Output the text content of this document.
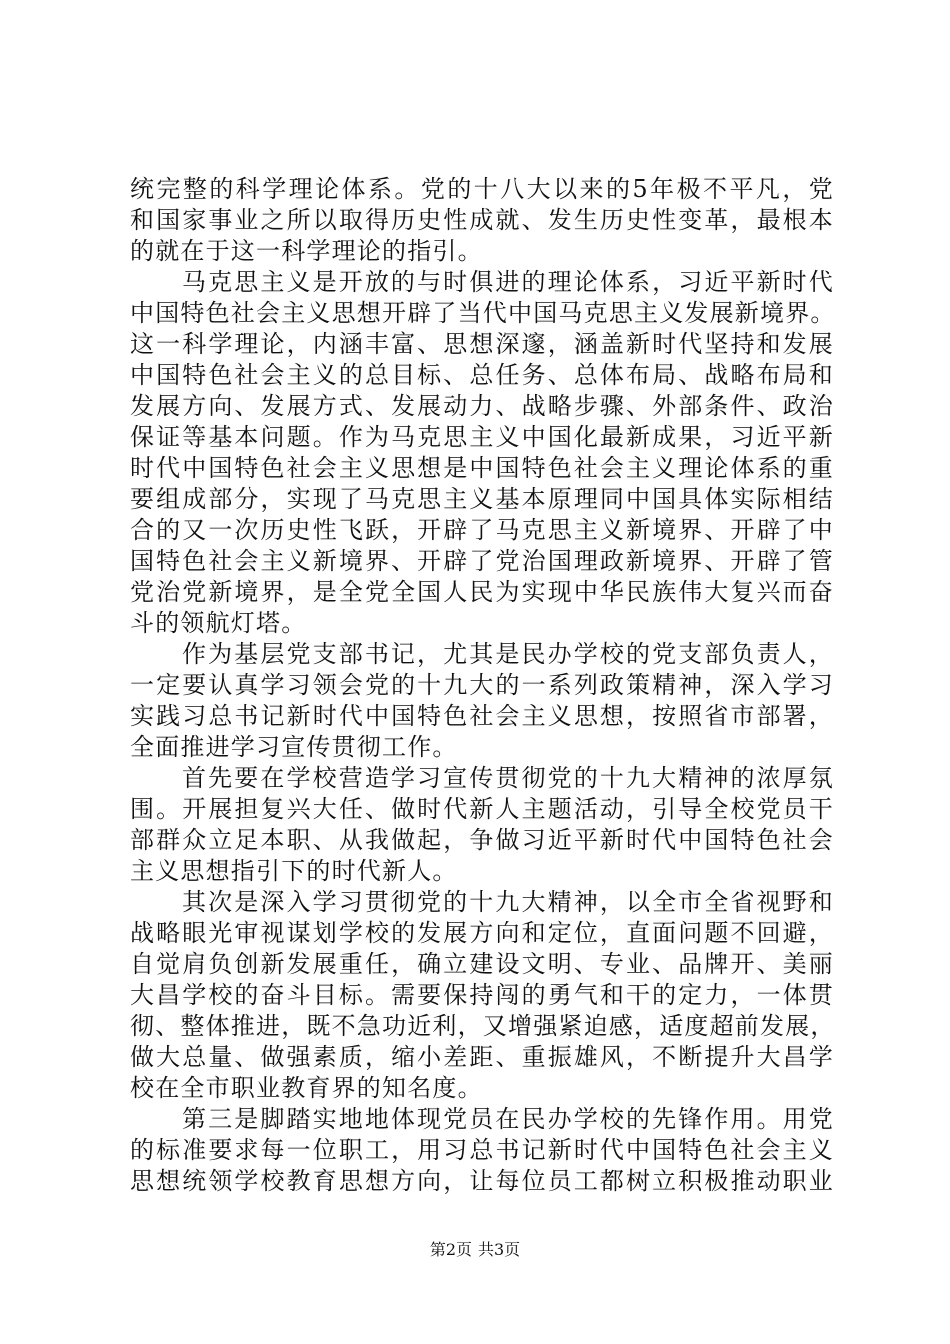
统完整的科学理论体系。党的十八大以来的5年极不平凡，党
和国家事业之所以取得历史性成就、发生历史性变革，最根本
的就在于这一科学理论的指引。
马克思主义是开放的与时俱进的理论体系，习近平新时代
中国特色社会主义思想开辟了当代中国马克思主义发展新境界。
这一科学理论，内涵丰富、思想深邃，涵盖新时代坚持和发展
中国特色社会主义的总目标、总任务、总体布局、战略布局和
发展方向、发展方式、发展动力、战略步骤、外部条件、政治
保证等基本问题。作为马克思主义中国化最新成果，习近平新
时代中国特色社会主义思想是中国特色社会主义理论体系的重
要组成部分，实现了马克思主义基本原理同中国具体实际相结
合的又一次历史性飞跃，开辟了马克思主义新境界、开辟了中
国特色社会主义新境界、开辟了党治国理政新境界、开辟了管
党治党新境界，是全党全国人民为实现中华民族伟大复兴而奋
斗的领航灯塔。
作为基层党支部书记，尤其是民办学校的党支部负责人，
一定要认真学习领会党的十九大的一系列政策精神，深入学习
实践习总书记新时代中国特色社会主义思想，按照省市部署，
全面推进学习宣传贯彻工作。
首先要在学校营造学习宣传贯彻党的十九大精神的浓厚氛
围。开展担复兴大任、做时代新人主题活动，引导全校党员干
部群众立足本职、从我做起，争做习近平新时代中国特色社会
主义思想指引下的时代新人。
其次是深入学习贯彻党的十九大精神，以全市全省视野和
战略眼光审视谋划学校的发展方向和定位，直面问题不回避，
自觉肩负创新发展重任，确立建设文明、专业、品牌开、美丽
大昌学校的奋斗目标。需要保持闯的勇气和干的定力，一体贯
彻、整体推进，既不急功近利，又增强紧迫感，适度超前发展，
做大总量、做强素质，缩小差距、重振雄风，不断提升大昌学
校在全市职业教育界的知名度。
第三是脚踏实地地体现党员在民办学校的先锋作用。用党
的标准要求每一位职工，用习总书记新时代中国特色社会主义
思想统领学校教育思想方向，让每位员工都树立积极推动职业
第2页 共3页
